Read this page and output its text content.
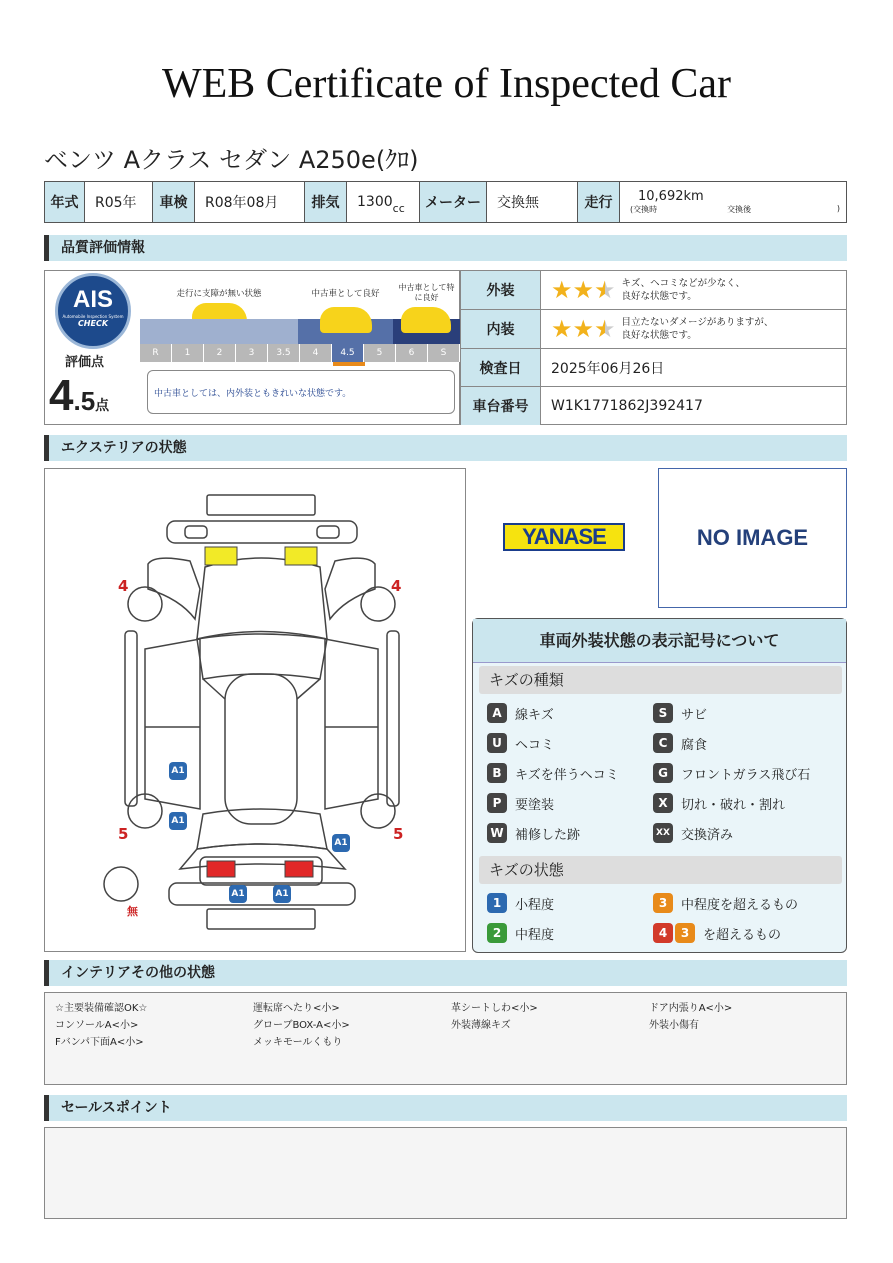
WEB Certificate of Inspected Car
ベンツ Aクラス セダン A250e(ｸﾛ)
年式	R05年	車検	R08年08月	排気	1300 cc	メーター	交換無	走行	10,692km
(交換時	交換後	)
品質評価情報
AIS
Automobile Inspection System
CHECK
評価点
4.5点
走行に支障が無い状態	中古車として良好
中古車として特に良好
R	1	2	3	3.5	4	4.5	5	6	S
中古車としては、内外装ともきれいな状態です。
外装	★ ★ ★ キズ、ヘコミなどが少なく、
良好な状態です。
内装	★ ★ ★ 目立たないダメージがありますが、
良好な状態です。
検査日	2025年06月26日
車台番号	W1K1771862J392417
エクステリアの状態
4	4
5	5
無
A1
A1
A1
A1	A1
YANASE	NO IMAGE
車両外装状態の表示記号について
キズの種類
A	線キズ	S	サビ
U	ヘコミ	C	腐食
B	キズを伴うヘコミ	G	フロントガラス飛び石
P	要塗装	X	切れ・破れ・割れ
W 補修した跡	XX 交換済み
キズの状態
1	小程度	3	中程度を超えるもの
2	中程度	4	3	を超えるもの
インテリアその他の状態
☆主要装備確認OK☆	運転席へたり<小>	革シートしわ<小>	ドア内張りA<小>
コンソールA<小>	グローブBOX-A<小>	外装薄線キズ	外装小傷有
Fバンパ下面A<小>	メッキモールくもり
セールスポイント
